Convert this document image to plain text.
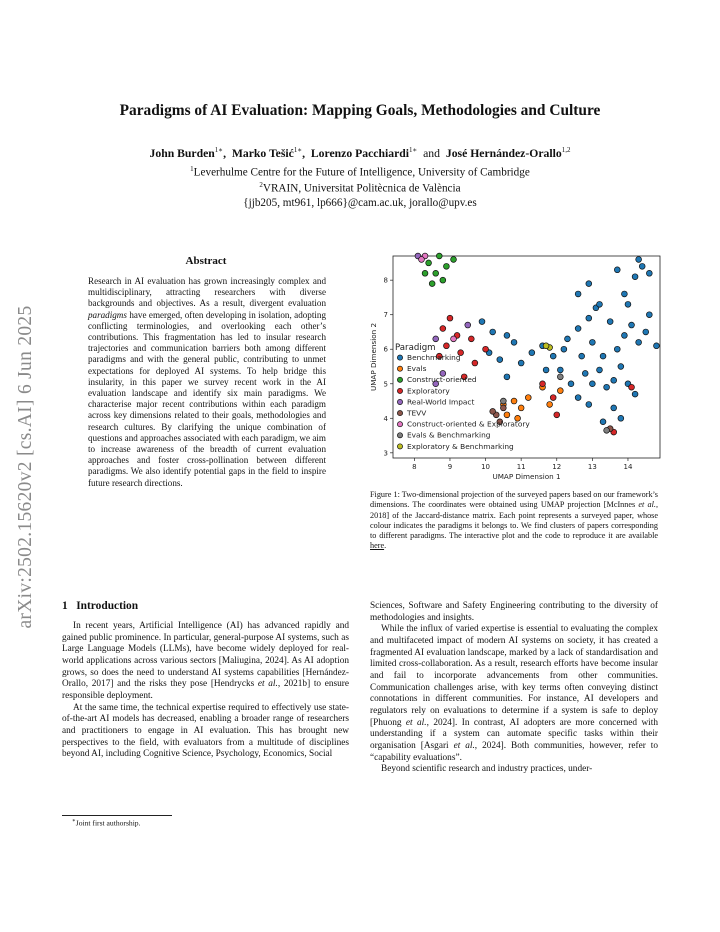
arXiv:2502.15620v2 [cs.AI] 6 Jun 2025
Paradigms of AI Evaluation: Mapping Goals, Methodologies and Culture
John Burden$^{1∗}$,  Marko Tešić$^{1∗}$,  Lorenzo Pacchiardi$^{1∗}$ and José Hernández-Orallo$^{1,2}$
$^1$Leverhulme Centre for the Future of Intelligence, University of Cambridge
$^2$VRAIN, Universitat Politècnica de València
{jjb205, mt961, lp666}@cam.ac.uk, jorallo@upv.es
Abstract
Research in AI evaluation has grown increasingly complex and multidisciplinary, attracting researchers with diverse backgrounds and objectives. As a result, divergent evaluation paradigms have emerged, often developing in isolation, adopting conflicting terminologies, and overlooking each other’s contributions. This fragmentation has led to insular research trajectories and communication barriers both among different paradigms and with the general public, contributing to unmet expectations for deployed AI systems. To help bridge this insularity, in this paper we survey recent work in the AI evaluation landscape and identify six main paradigms. We characterise major recent contributions within each paradigm across key dimensions related to their goals, methodologies and research cultures. By clarifying the unique combination of questions and approaches associated with each paradigm, we aim to increase awareness of the breadth of current evaluation approaches and foster cross-pollination between different paradigms. We also identify potential gaps in the field to inspire future research directions.
1 Introduction

In recent years, Artificial Intelligence (AI) has advanced rapidly and gained public prominence. In particular, general-purpose AI systems, such as Large Language Models (LLMs), have become widely deployed for real-world applications across various sectors [Maliugina, 2024]. As AI adoption grows, so does the need to understand AI systems capabilities [Hernández-Orallo, 2017] and the risks they pose [Hendrycks et al., 2021b] to ensure responsible deployment.

At the same time, the technical expertise required to effectively use state-of-the-art AI models has decreased, enabling a broader range of researchers and practitioners to engage in AI evaluation. This has brought new perspectives to the field, with evaluators from a multitude of disciplines beyond AI, including Cognitive Science, Psychology, Economics, Social

∗Joint first authorship.
8	9	10	11	12	13	14
3
4
5
6
7
8
UMAP Dimension 1
UMAP Dimension 2 Paradigm
Benchmarking
Evals
Construct-oriented
Exploratory
Real-World Impact
TEVV
Construct-oriented & Exploratory
Evals & Benchmarking
Exploratory & Benchmarking
Figure 1: Two-dimensional projection of the surveyed papers based on our framework’s dimensions. The coordinates were obtained using UMAP projection [McInnes et al., 2018] of the Jaccard-distance matrix. Each point represents a surveyed paper, whose colour indicates the paradigms it belongs to. We find clusters of papers corresponding to different paradigms. The interactive plot and the code to reproduce it are available here.

Sciences, Software and Safety Engineering contributing to the diversity of methodologies and insights.

While the influx of varied expertise is essential to evaluating the complex and multifaceted impact of modern AI systems on society, it has created a fragmented AI evaluation landscape, marked by a lack of standardisation and limited cross-collaboration. As a result, research efforts have become insular and fail to incorporate advancements from other communities. Communication challenges arise, with key terms often conveying distinct connotations in different communities. For instance, AI developers and regulators rely on evaluations to determine if a system is safe to deploy [Phuong et al., 2024]. In contrast, AI adopters are more concerned with understanding if a system can automate specific tasks within their organisation [Asgari et al., 2024]. Both communities, however, refer to “capability evaluations”.

Beyond scientific research and industry practices, under-
